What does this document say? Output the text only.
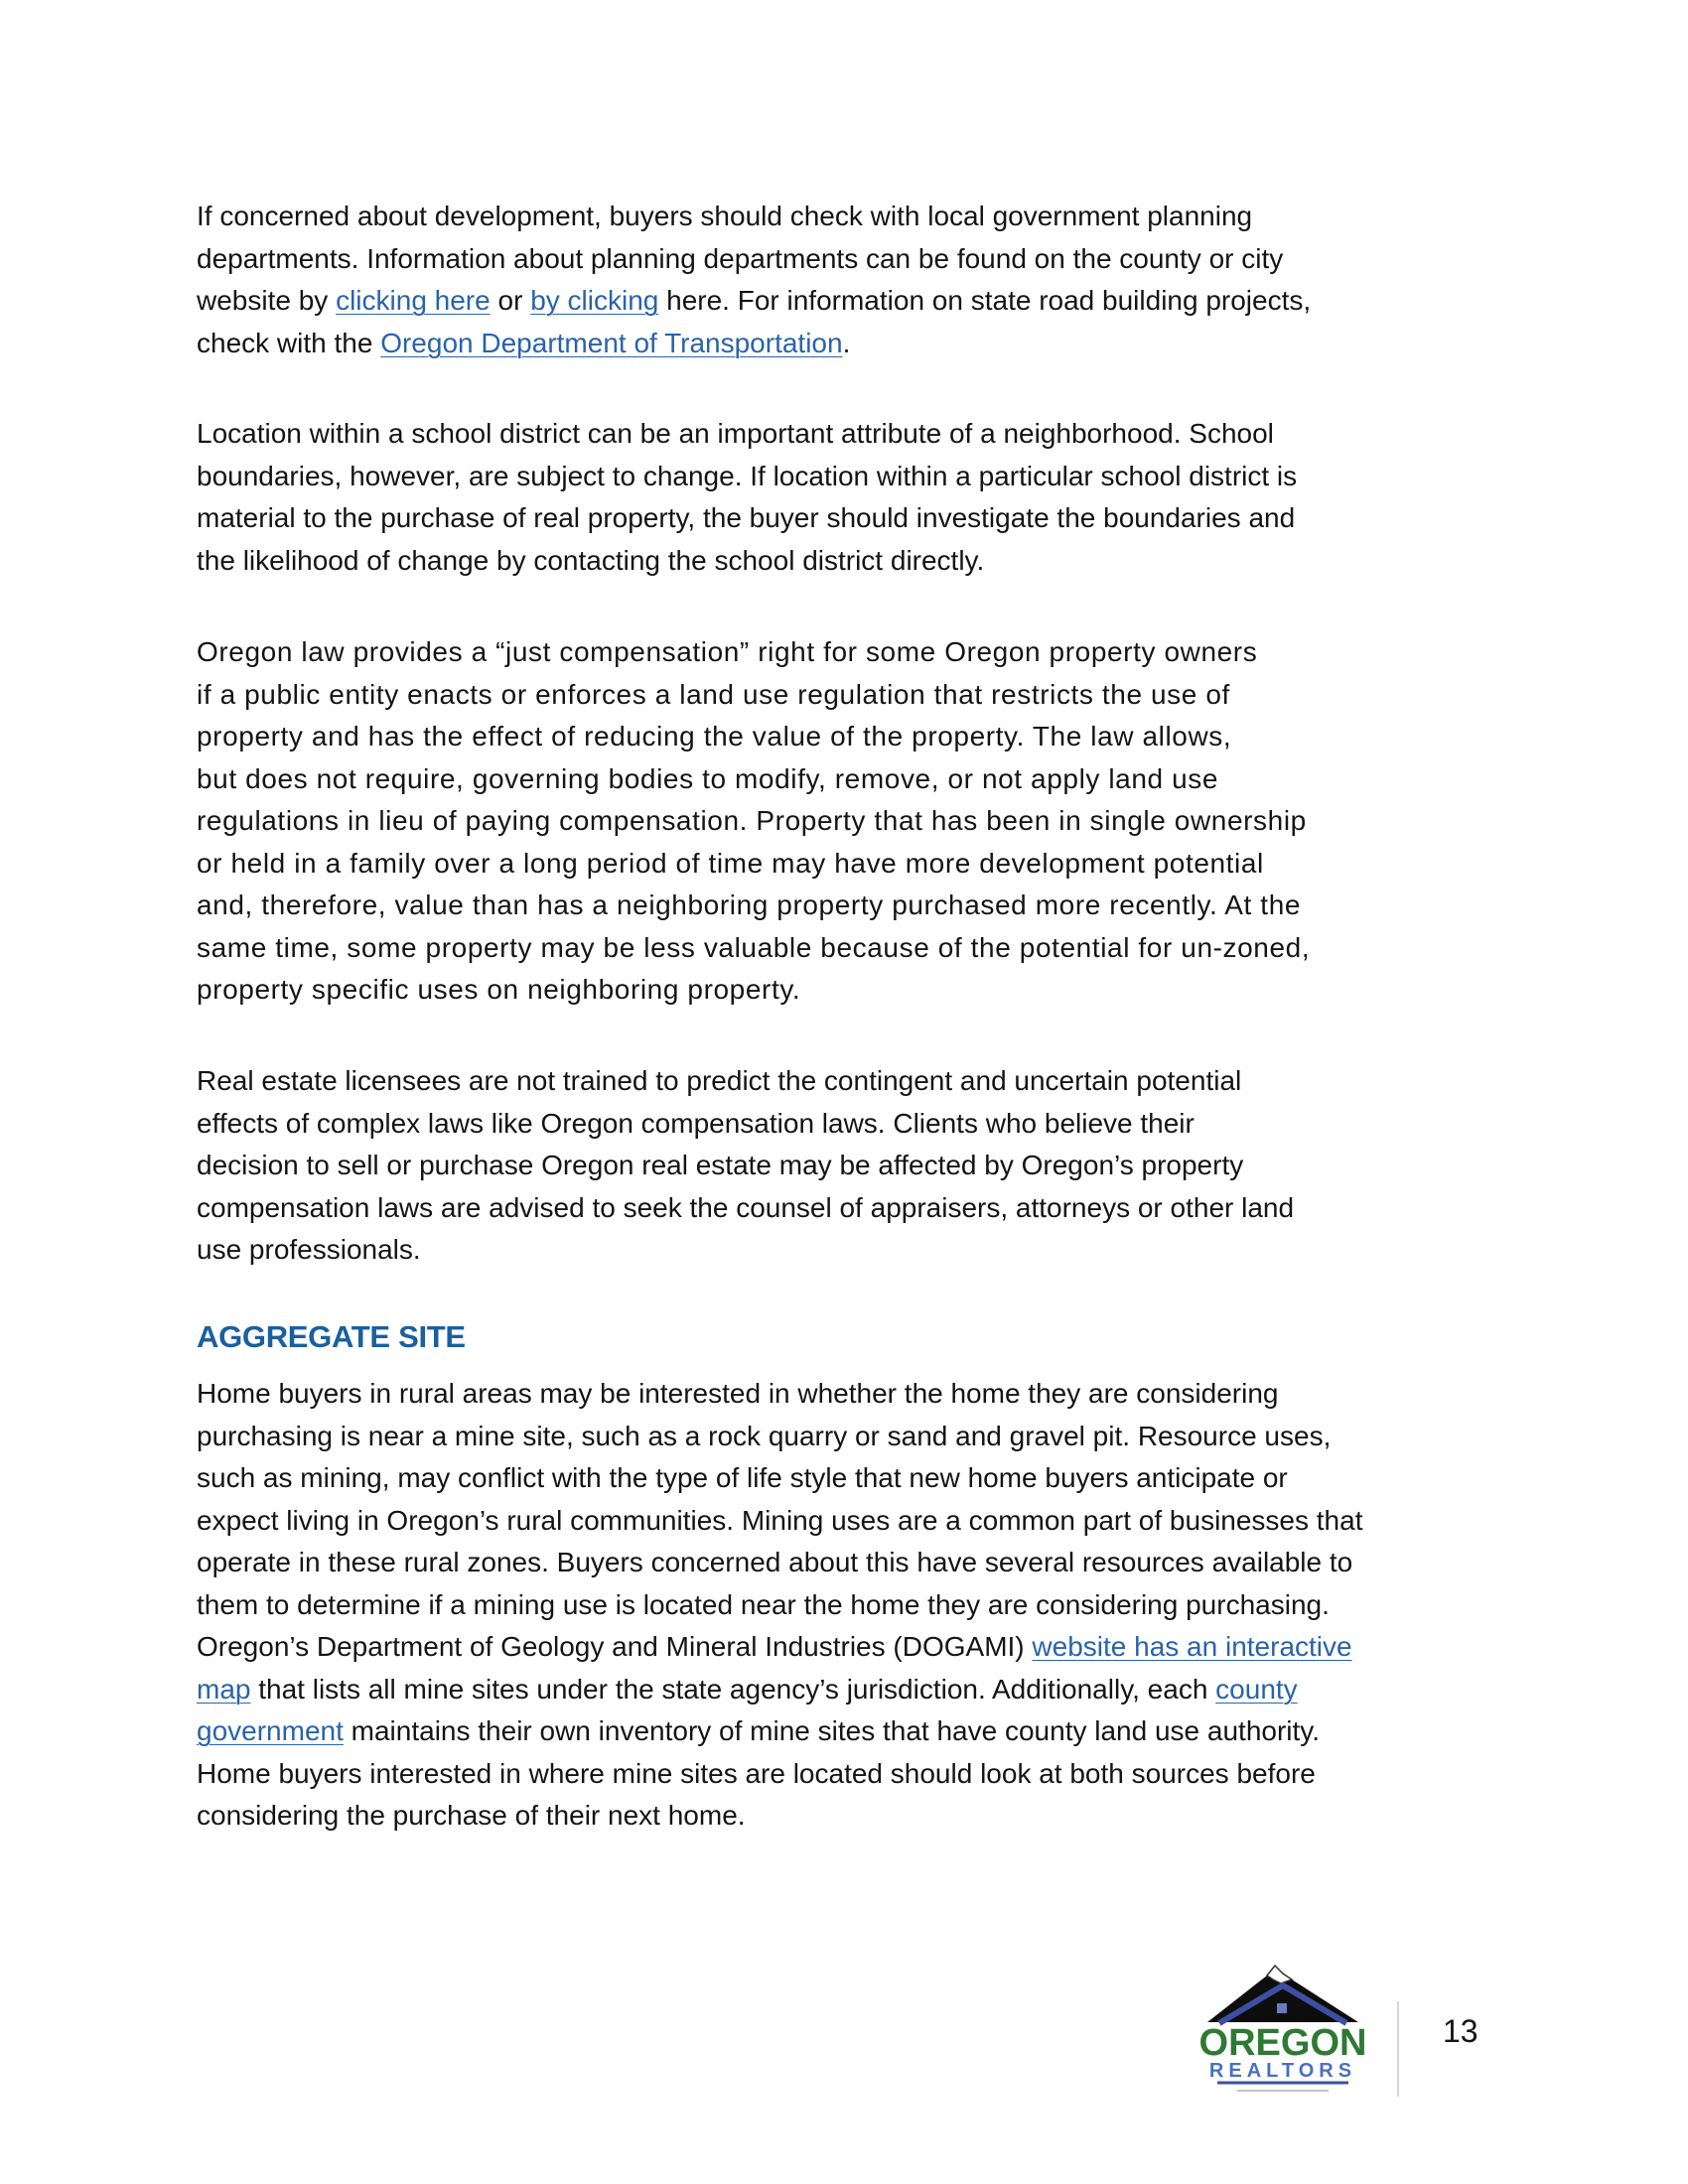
If concerned about development, buyers should check with local government planning
departments. Information about planning departments can be found on the county or city
website by clicking here or by clicking here. For information on state road building projects,
check with the Oregon Department of Transportation.
Location within a school district can be an important attribute of a neighborhood. School
boundaries, however, are subject to change. If location within a particular school district is
material to the purchase of real property, the buyer should investigate the boundaries and
the likelihood of change by contacting the school district directly.
Oregon law provides a “just compensation” right for some Oregon property owners
if a public entity enacts or enforces a land use regulation that restricts the use of
property and has the effect of reducing the value of the property. The law allows,
but does not require, governing bodies to modify, remove, or not apply land use
regulations in lieu of paying compensation. Property that has been in single ownership
or held in a family over a long period of time may have more development potential
and, therefore, value than has a neighboring property purchased more recently. At the
same time, some property may be less valuable because of the potential for un-zoned,
property specific uses on neighboring property.
Real estate licensees are not trained to predict the contingent and uncertain potential
effects of complex laws like Oregon compensation laws. Clients who believe their
decision to sell or purchase Oregon real estate may be affected by Oregon’s property
compensation laws are advised to seek the counsel of appraisers, attorneys or other land
use professionals.
AGGREGATE SITE
Home buyers in rural areas may be interested in whether the home they are considering
purchasing is near a mine site, such as a rock quarry or sand and gravel pit. Resource uses,
such as mining, may conflict with the type of life style that new home buyers anticipate or
expect living in Oregon’s rural communities. Mining uses are a common part of businesses that
operate in these rural zones. Buyers concerned about this have several resources available to
them to determine if a mining use is located near the home they are considering purchasing.
Oregon’s Department of Geology and Mineral Industries (DOGAMI) website has an interactive
map that lists all mine sites under the state agency’s jurisdiction. Additionally, each county
government maintains their own inventory of mine sites that have county land use authority.
Home buyers interested in where mine sites are located should look at both sources before
considering the purchase of their next home.
OREGON
REALTORS
13
